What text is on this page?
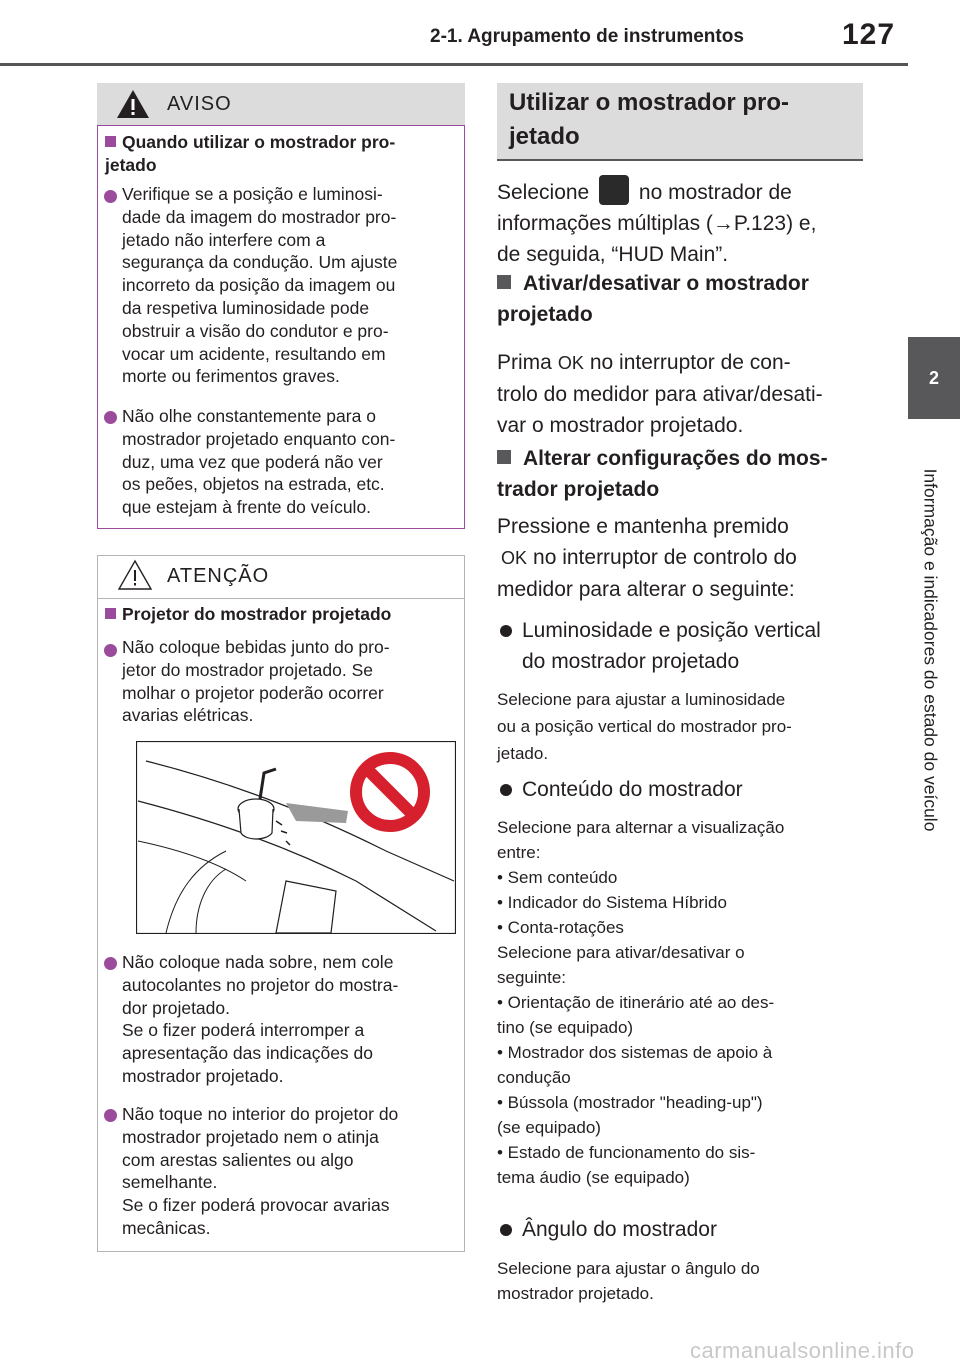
2-1. Agrupamento de instrumentos	127
2
Informação e indicadores do estado do veículo
AVISO
Quando utilizar o mostrador pro-
jetado
Verifique se a posição e luminosi-
dade da imagem do mostrador pro-
jetado não interfere com a
segurança da condução. Um ajuste
incorreto da posição da imagem ou
da respetiva luminosidade pode
obstruir a visão do condutor e pro-
vocar um acidente, resultando em
morte ou ferimentos graves.
Não olhe constantemente para o
mostrador projetado enquanto con-
duz, uma vez que poderá não ver
os peões, objetos na estrada, etc.
que estejam à frente do veículo.
ATENÇÃO
Projetor do mostrador projetado
Não coloque bebidas junto do pro-
jetor do mostrador projetado. Se
molhar o projetor poderão ocorrer
avarias elétricas.
Não coloque nada sobre, nem cole
autocolantes no projetor do mostra-
dor projetado.
Se o fizer poderá interromper a
apresentação das indicações do
mostrador projetado.
Não toque no interior do projetor do
mostrador projetado nem o atinja
com arestas salientes ou algo
semelhante.
Se o fizer poderá provocar avarias
mecânicas.
Utilizar o mostrador pro-
jetado
Selecione no mostrador de
informações múltiplas (→P.123) e,
de seguida, “HUD Main”.
Ativar/desativar o mostrador
projetado
Prima OK no interruptor de con-
trolo do medidor para ativar/desati-
var o mostrador projetado.
Alterar configurações do mos-
trador projetado
Pressione e mantenha premido
OK no interruptor de controlo do
medidor para alterar o seguinte:
Luminosidade e posição vertical
do mostrador projetado
Selecione para ajustar a luminosidade
ou a posição vertical do mostrador pro-
jetado.
Conteúdo do mostrador
Selecione para alternar a visualização
entre:
• Sem conteúdo
• Indicador do Sistema Híbrido
• Conta-rotações
Selecione para ativar/desativar o
seguinte:
• Orientação de itinerário até ao des-
tino (se equipado)
• Mostrador dos sistemas de apoio à
condução
• Bússola (mostrador "heading-up")
(se equipado)
• Estado de funcionamento do sis-
tema áudio (se equipado)
Ângulo do mostrador
Selecione para ajustar o ângulo do
mostrador projetado.
carmanualsonline.info
